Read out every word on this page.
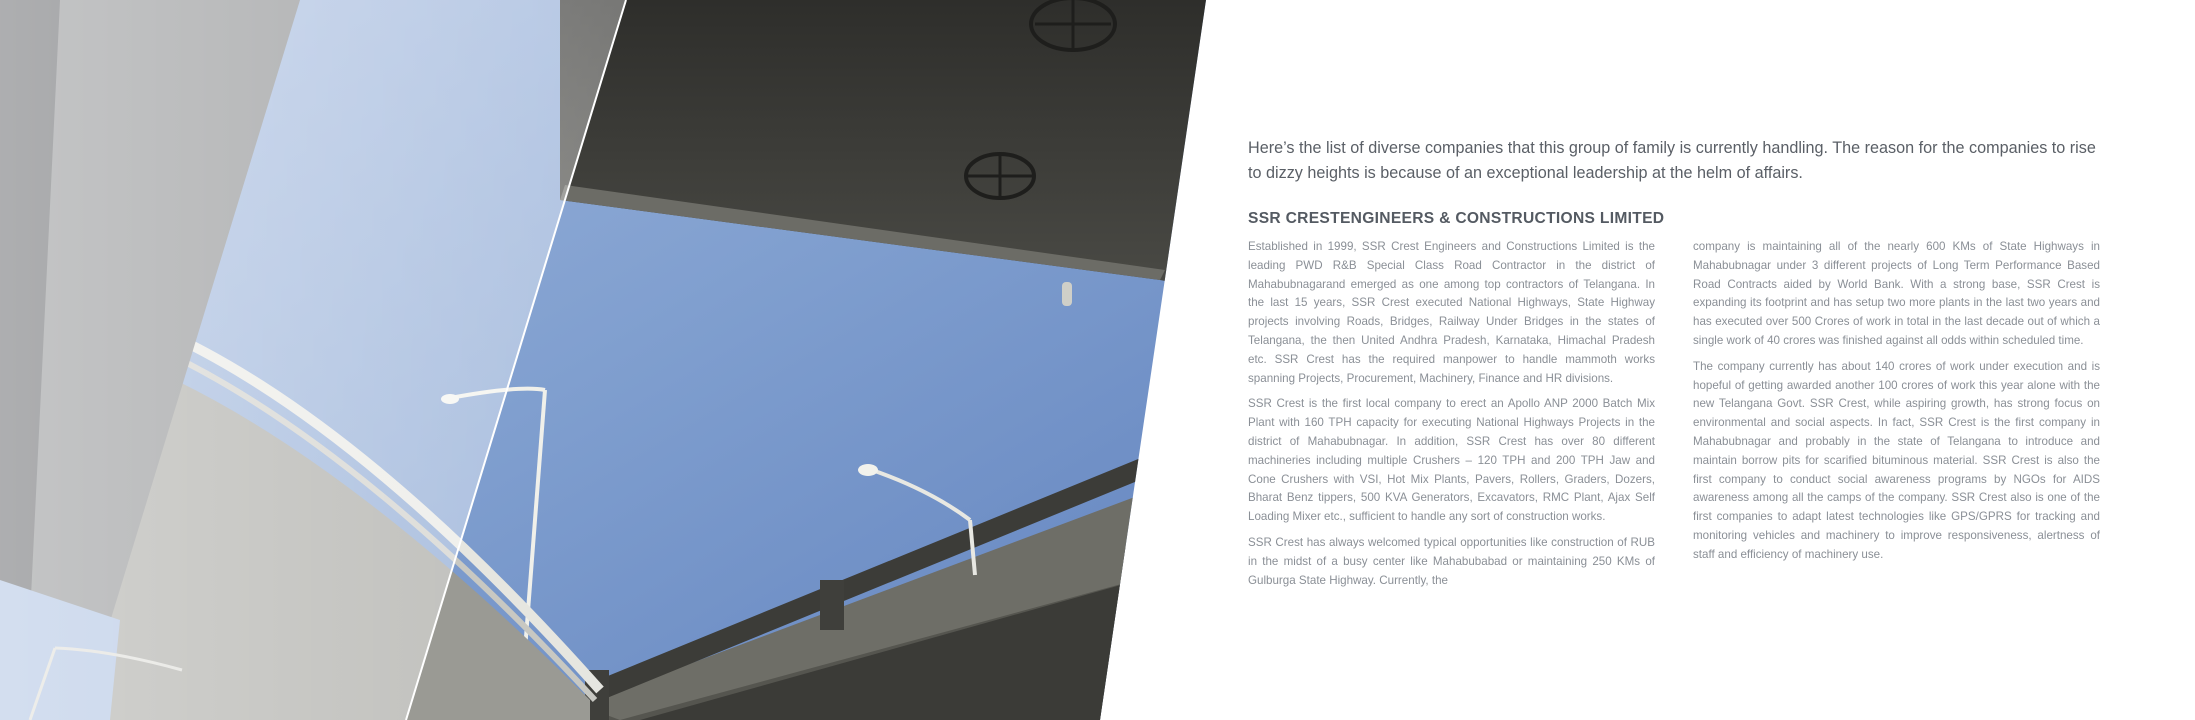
Here’s the list of diverse companies that this group of family is currently handling. The reason for the companies to rise to dizzy heights is because of an exceptional leadership at the helm of affairs.

SSR CRESTENGINEERS & CONSTRUCTIONS LIMITED

Established in 1999, SSR Crest Engineers and Constructions Limited is the leading PWD R&B Special Class Road Contractor in the district of Mahabubnagarand emerged as one among top contractors of Telangana. In the last 15 years, SSR Crest executed National Highways, State Highway projects involving Roads, Bridges, Railway Under Bridges in the states of Telangana, the then United Andhra Pradesh, Karnataka, Himachal Pradesh etc. SSR Crest has the required manpower to handle mammoth works spanning Projects, Procurement, Machinery, Finance and HR divisions.

SSR Crest is the first local company to erect an Apollo ANP 2000 Batch Mix Plant with 160 TPH capacity for executing National Highways Projects in the district of Mahabubnagar. In addition, SSR Crest has over 80 different machineries including multiple Crushers – 120 TPH and 200 TPH Jaw and Cone Crushers with VSI, Hot Mix Plants, Pavers, Rollers, Graders, Dozers, Bharat Benz tippers, 500 KVA Generators, Excavators, RMC Plant, Ajax Self Loading Mixer etc., sufficient to handle any sort of construction works.

SSR Crest has always welcomed typical opportunities like construction of RUB in the midst of a busy center like Mahabubabad or maintaining 250 KMs of Gulburga State Highway. Currently, the

company is maintaining all of the nearly 600 KMs of State Highways in Mahabubnagar under 3 different projects of Long Term Performance Based Road Contracts aided by World Bank. With a strong base, SSR Crest is expanding its footprint and has setup two more plants in the last two years and has executed over 500 Crores of work in total in the last decade out of which a single work of 40 crores was finished against all odds within scheduled time.

The company currently has about 140 crores of work under execution and is hopeful of getting awarded another 100 crores of work this year alone with the new Telangana Govt. SSR Crest, while aspiring growth, has strong focus on environmental and social aspects. In fact, SSR Crest is the first company in Mahabubnagar and probably in the state of Telangana to introduce and maintain borrow pits for scarified bituminous material. SSR Crest is also the first company to conduct social awareness programs by NGOs for AIDS awareness among all the camps of the company. SSR Crest also is one of the first companies to adapt latest technologies like GPS/GPRS for tracking and monitoring vehicles and machinery to improve responsiveness, alertness of staff and efficiency of machinery use.
